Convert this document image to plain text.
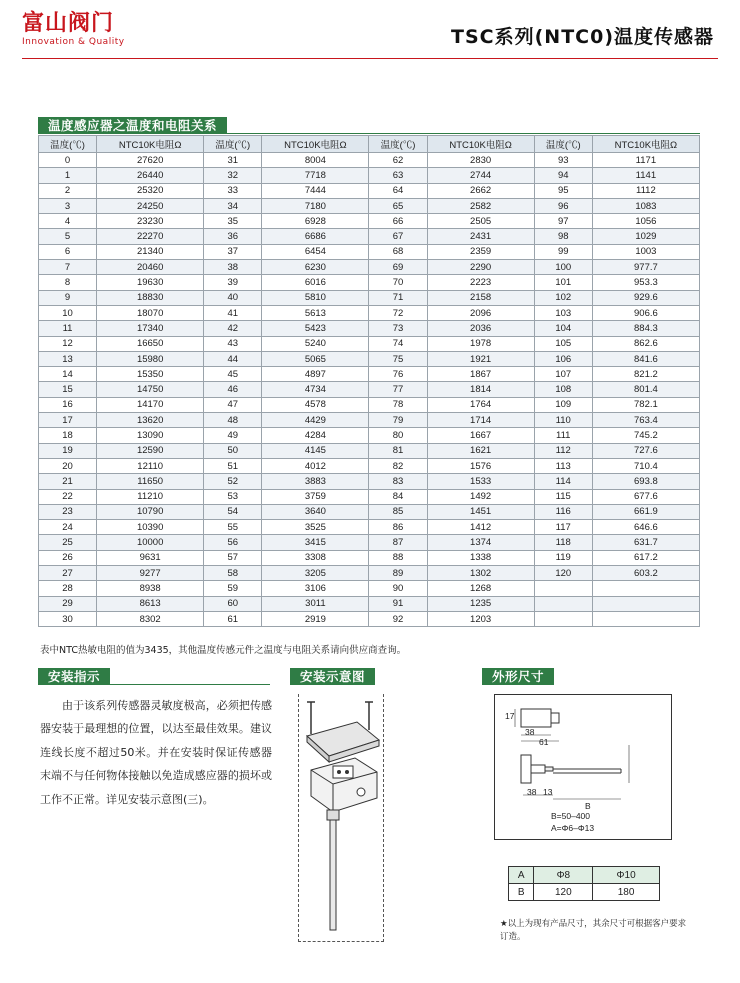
富山阀门
Innovation & Quality	TSC系列(NTC0)温度传感器
温度感应器之温度和电阻关系
温度(℃)	NTC10K电阻Ω	温度(℃)	NTC10K电阻Ω	温度(℃)	NTC10K电阻Ω	温度(℃)	NTC10K电阻Ω
0	27620	31	8004	62	2830	93	1171
1	26440	32	7718	63	2744	94	1141
2	25320	33	7444	64	2662	95	1112
3	24250	34	7180	65	2582	96	1083
4	23230	35	6928	66	2505	97	1056
5	22270	36	6686	67	2431	98	1029
6	21340	37	6454	68	2359	99	1003
7	20460	38	6230	69	2290	100	977.7
8	19630	39	6016	70	2223	101	953.3
9	18830	40	5810	71	2158	102	929.6
10	18070	41	5613	72	2096	103	906.6
11	17340	42	5423	73	2036	104	884.3
12	16650	43	5240	74	1978	105	862.6
13	15980	44	5065	75	1921	106	841.6
14	15350	45	4897	76	1867	107	821.2
15	14750	46	4734	77	1814	108	801.4
16	14170	47	4578	78	1764	109	782.1
17	13620	48	4429	79	1714	110	763.4
18	13090	49	4284	80	1667	111	745.2
19	12590	50	4145	81	1621	112	727.6
20	12110	51	4012	82	1576	113	710.4
21	11650	52	3883	83	1533	114	693.8
22	11210	53	3759	84	1492	115	677.6
23	10790	54	3640	85	1451	116	661.9
24	10390	55	3525	86	1412	117	646.6
25	10000	56	3415	87	1374	118	631.7
26	9631	57	3308	88	1338	119	617.2
27	9277	58	3205	89	1302	120	603.2
28	8938	59	3106	90	1268		
29	8613	60	3011	91	1235		
30	8302	61	2919	92	1203		
表中NTC热敏电阻的值为3435，其他温度传感元件之温度与电阻关系请向供应商查询。
安装指示

由于该系列传感器灵敏度极高，必须把传感器安装于最理想的位置，以达至最佳效果。建议连线长度不超过50米。并在安装时保证传感器末端不与任何物体接触以免造成感应器的损坏或工作不正常。详见安装示意图(三)。

安装示意图	外形尺寸
17
38
61
38 13
B
B=50–400
A=Φ6–Φ13
A	Φ8	Φ10
B	120	180
★以上为现有产品尺寸，其余尺寸可根据客户要求订造。
